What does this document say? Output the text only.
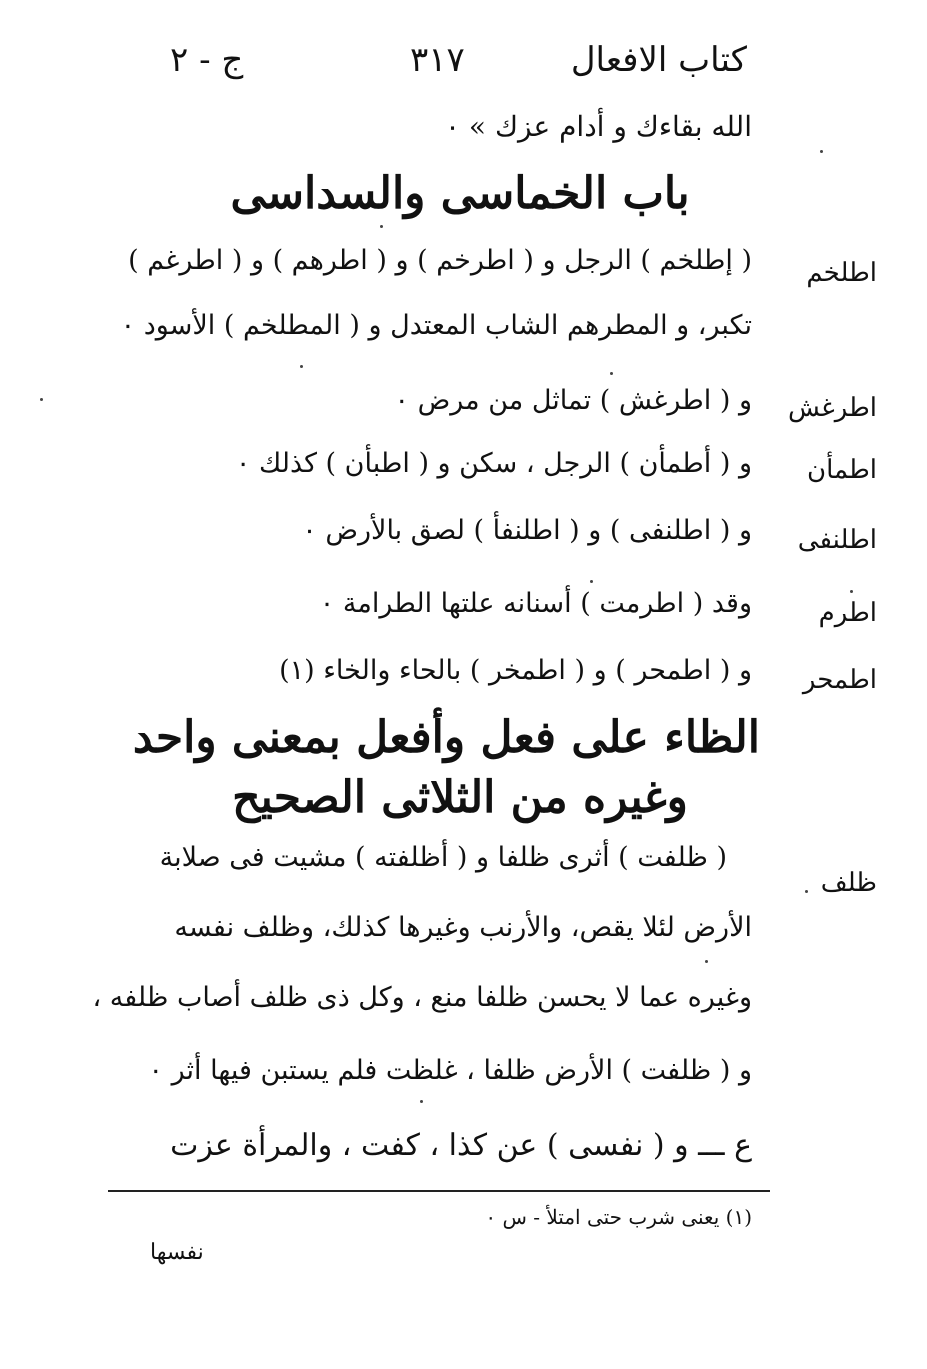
كتاب الافعال
٣١٧
ج - ٢
الله بقاءك و أدام عزك » ٠
باب الخماسى والسداسى
اطلخم
( إطلخم ) الرجل و ( اطرخم ) و ( اطرهم ) و ( اطرغم )
تكبر، و المطرهم الشاب المعتدل و ( المطلخم ) الأسود ٠
اطرغش
و ( اطرغش ) تماثل من مرض ٠
اطمأن
و ( أطمأن ) الرجل ، سكن و ( اطبأن ) كذلك ٠
اطلنفى
و ( اطلنفى ) و ( اطلنفأ ) لصق بالأرض ٠
اطرم
وقد ( اطرمت ) أسنانه علتها الطرامة ٠
اطمحر
و ( اطمحر ) و ( اطمخر ) بالحاء والخاء (١)
الظاء على فعل وأفعل بمعنى واحد
وغيره من الثلاثى الصحيح
ظلف
( ظلفت ) أثرى ظلفا و ( أظلفته ) مشيت فى صلابة
الأرض لئلا يقص، والأرنب وغيرها كذلك، وظلف نفسه
وغيره عما لا يحسن ظلفا منع ، وكل ذى ظلف أصاب ظلفه ،
و ( ظلفت ) الأرض ظلفا ، غلظت فلم يستبن فيها أثر ٠
ع ـــ و ( نفسى ) عن كذا ، كفت ، والمرأة عزت
(١) يعنى شرب حتى امتلأ - س ٠
نفسها
